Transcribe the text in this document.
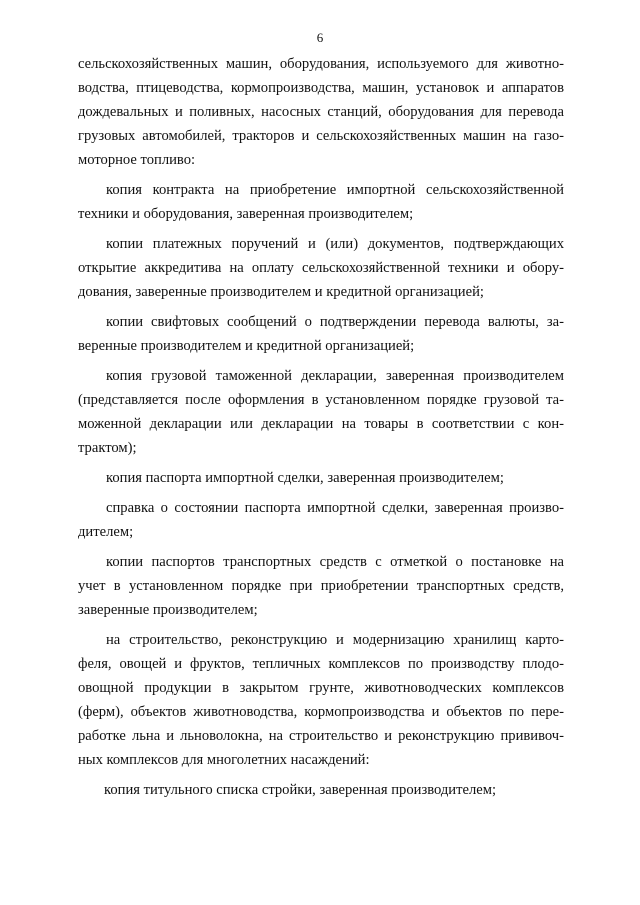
6
сельскохозяйственных машин, оборудования, используемого для животно-
водства, птицеводства, кормопроизводства, машин, установок и аппаратов
дождевальных и поливных, насосных станций, оборудования для перевода
грузовых автомобилей, тракторов и сельскохозяйственных машин на газо-
моторное топливо:
копия контракта на приобретение импортной сельскохозяйственной
техники и оборудования, заверенная производителем;
копии платежных поручений и (или) документов, подтверждающих
открытие аккредитива на оплату сельскохозяйственной техники и обору-
дования, заверенные производителем и кредитной организацией;
копии свифтовых сообщений о подтверждении перевода валюты, за-
веренные производителем и кредитной организацией;
копия грузовой таможенной декларации, заверенная производителем
(представляется после оформления в установленном порядке грузовой та-
моженной декларации или декларации на товары в соответствии с кон-
трактом);
копия паспорта импортной сделки, заверенная производителем;
справка о состоянии паспорта импортной сделки, заверенная произво-
дителем;
копии паспортов транспортных средств с отметкой о постановке на
учет в установленном порядке при приобретении транспортных средств,
заверенные производителем;
на строительство, реконструкцию и модернизацию хранилищ карто-
феля, овощей и фруктов, тепличных комплексов по производству плодо-
овощной продукции в закрытом грунте, животноводческих комплексов
(ферм), объектов животноводства, кормопроизводства и объектов по пере-
работке льна и льноволокна, на строительство и реконструкцию прививоч-
ных комплексов для многолетних насаждений:
копия титульного списка стройки, заверенная производителем;
